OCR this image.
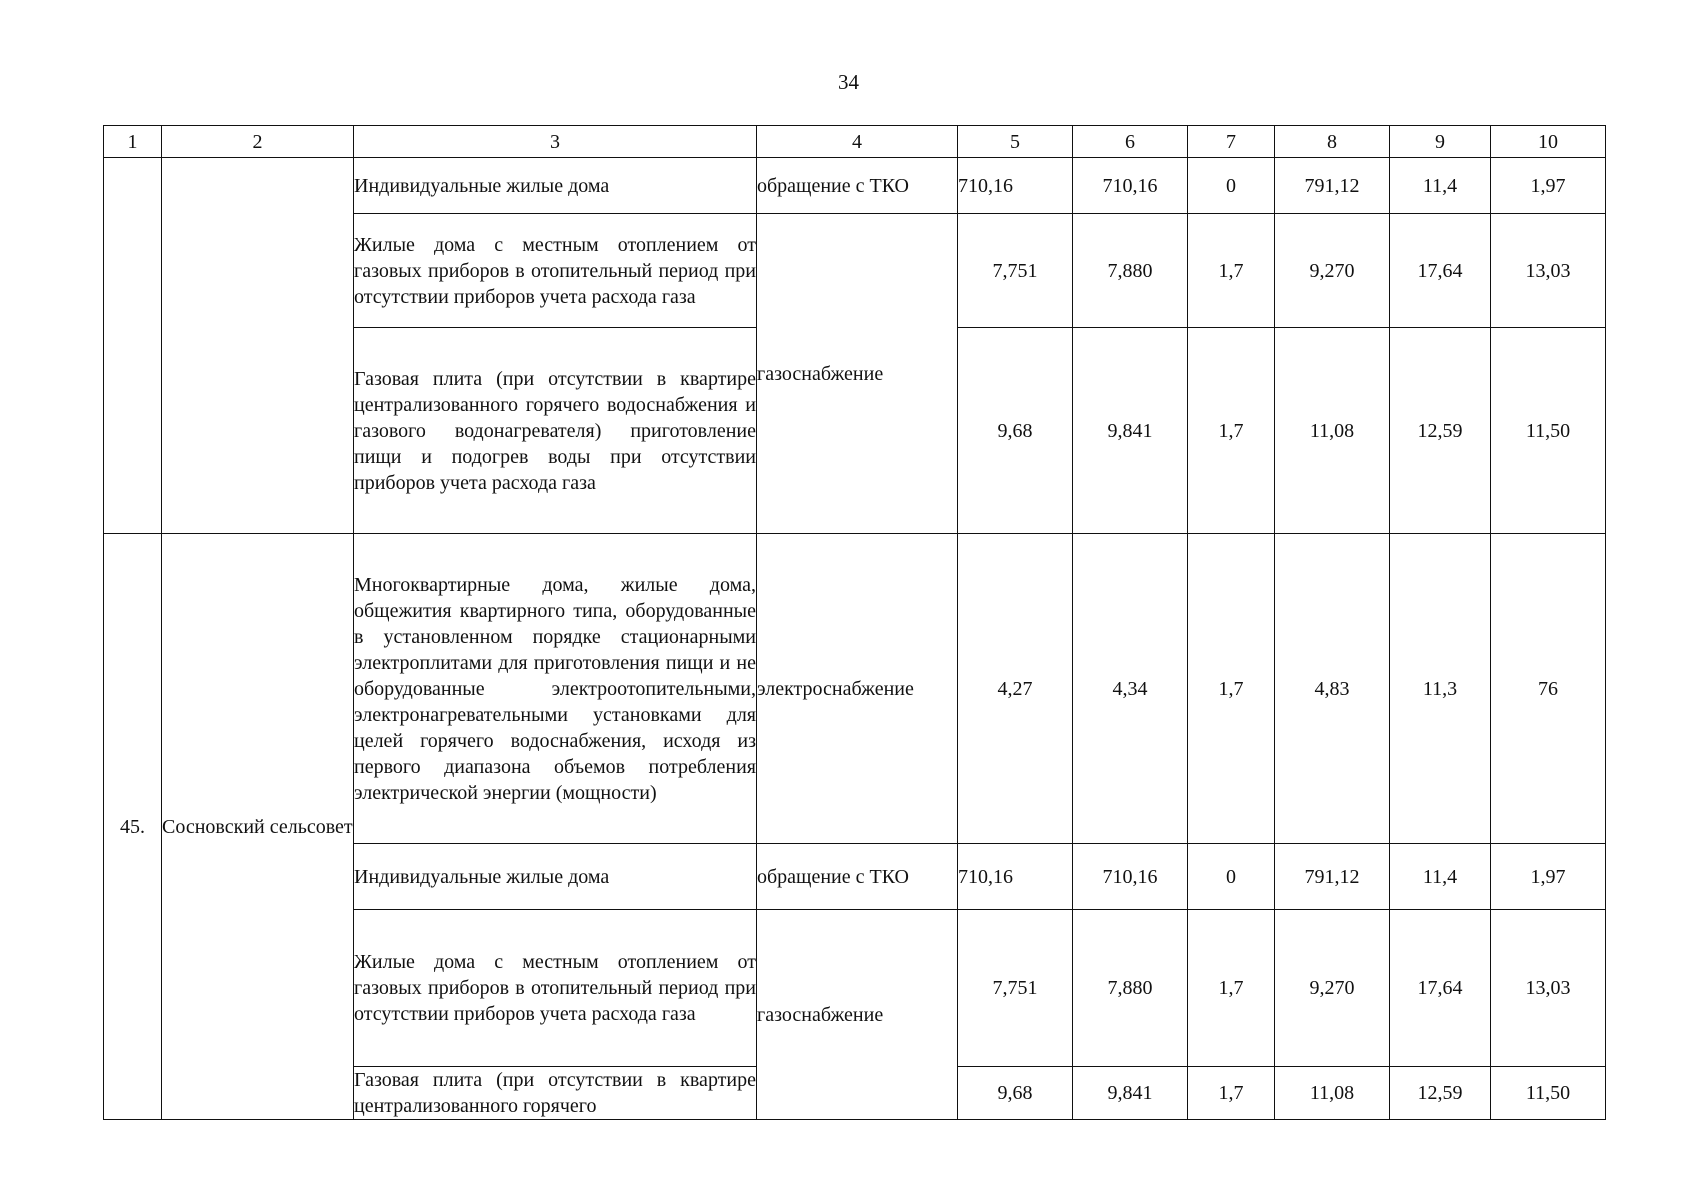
34
1	2	3	4	5	6	7	8	9	10
		Индивидуальные жилые дома	обращение с ТКО	710,16	710,16	0	791,12	11,4	1,97
		Жилые дома с местным отоплением от газовых приборов в отопительный период при отсутствии приборов учета расхода газа	газоснабжение	7,751	7,880	1,7	9,270	17,64	13,03
		Газовая плита (при отсутствии в квартире централизованного горячего водоснабжения и газового водонагревателя) приготовление пищи и подогрев воды при отсутствии приборов учета расхода газа		9,68	9,841	1,7	11,08	12,59	11,50
45.	Сосновский сельсовет	Многоквартирные дома, жилые дома, общежития квартирного типа, оборудованные в установленном порядке стационарными электроплитами для приготовления пищи и не оборудованные электроотопительными, электронагревательными установками для целей горячего водоснабжения, исходя из первого диапазона объемов потребления электрической энергии (мощности)	электроснабжение	4,27	4,34	1,7	4,83	11,3	76
		Индивидуальные жилые дома	обращение с ТКО	710,16	710,16	0	791,12	11,4	1,97
		Жилые дома с местным отоплением от газовых приборов в отопительный период при отсутствии приборов учета расхода газа	газоснабжение	7,751	7,880	1,7	9,270	17,64	13,03

		Газовая плита (при отсутствии в квартире централизованного горячего		9,68	9,841	1,7	11,08	12,59	11,50
